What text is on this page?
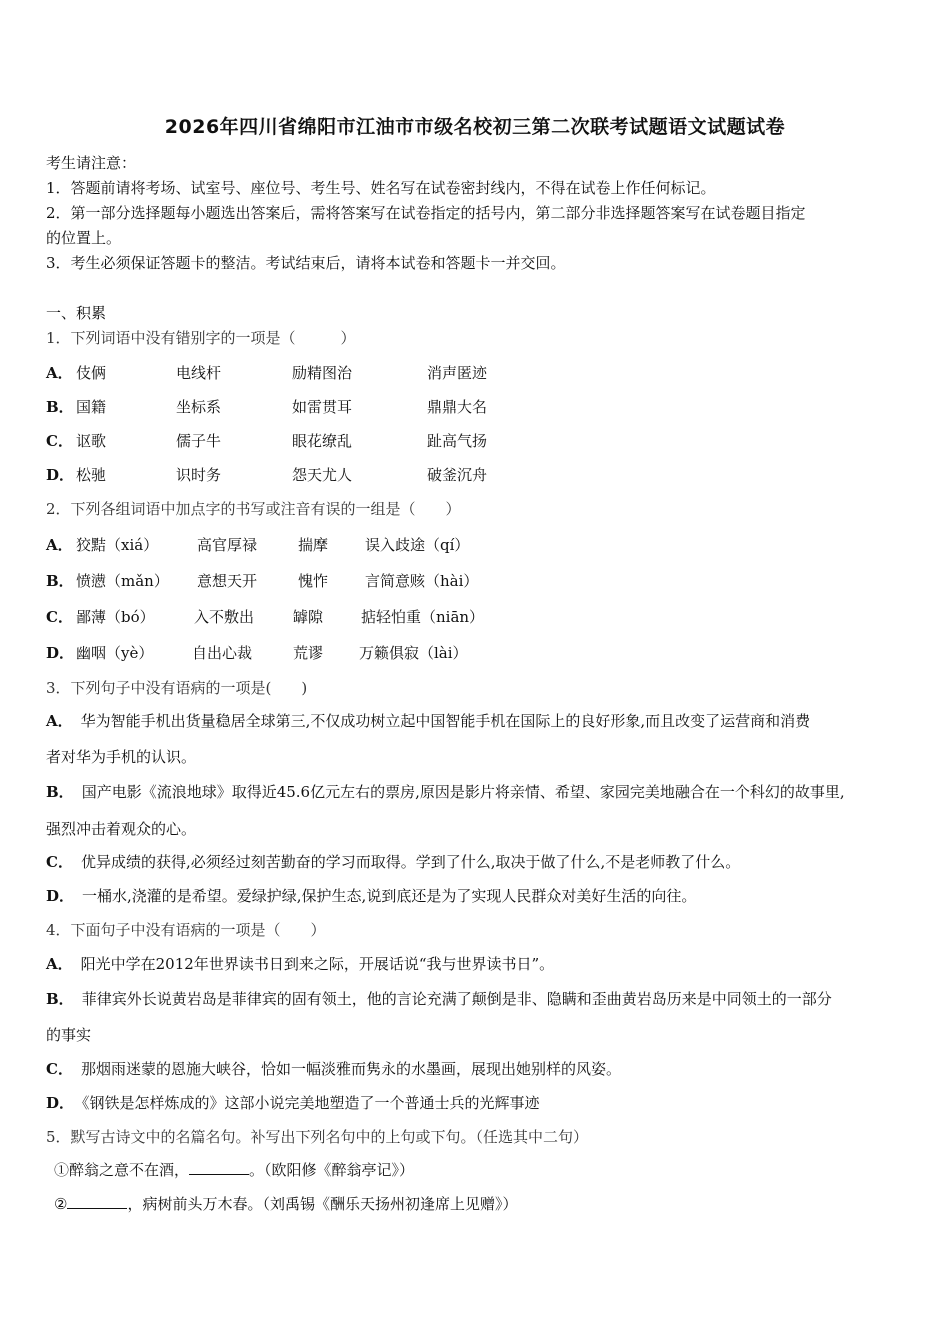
2026年四川省绵阳市江油市市级名校初三第二次联考试题语文试题试卷
考生请注意：
1．答题前请将考场、试室号、座位号、考生号、姓名写在试卷密封线内，不得在试卷上作任何标记。
2．第一部分选择题每小题选出答案后，需将答案写在试卷指定的括号内，第二部分非选择题答案写在试卷题目指定
的位置上。
3．考生必须保证答题卡的整洁。考试结束后，请将本试卷和答题卡一并交回。
一、积累
1．下列词语中没有错别字的一项是（　　　）
A． 伎俩	电线杆	励精图治	消声匿迹
B． 国籍	坐标系	如雷贯耳	鼎鼎大名
C． 讴歌	儒子牛	眼花缭乱	趾高气扬
D． 松驰	识时务	怨天尤人	破釜沉舟
2．下列各组词语中加点字的书写或注音有误的一组是（　　）
A． 狡黠（xiá）	高官厚禄	揣摩 误入歧途（qí）
B． 愤懑（mǎn） 意想天开	愧怍 言简意赅（hài）
C． 鄙薄（bó）	入不敷出	罅隙	掂轻怕重（niān）
D． 幽咽（yè）	自出心裁	荒谬 万籁俱寂（lài）
3．下列句子中没有语病的一项是(　　)
A． 华为智能手机出货量稳居全球第三,不仅成功树立起中国智能手机在国际上的良好形象,而且改变了运营商和消费
者对华为手机的认识。
B． 国产电影《流浪地球》取得近45.6亿元左右的票房,原因是影片将亲情、希望、家园完美地融合在一个科幻的故事里,
强烈冲击着观众的心。
C． 优异成绩的获得,必须经过刻苦勤奋的学习而取得。学到了什么,取决于做了什么,不是老师教了什么。
D． 一桶水,浇灌的是希望。爱绿护绿,保护生态,说到底还是为了实现人民群众对美好生活的向往。
4．下面句子中没有语病的一项是（　　）
A． 阳光中学在2012年世界读书日到来之际，开展话说“我与世界读书日”。
B． 菲律宾外长说黄岩岛是菲律宾的固有领土，他的言论充满了颠倒是非、隐瞒和歪曲黄岩岛历来是中同领土的一部分
的事实
C． 那烟雨迷蒙的恩施大峡谷，恰如一幅淡雅而隽永的水墨画，展现出她别样的风姿。
D． 《钢铁是怎样炼成的》这部小说完美地塑造了一个普通士兵的光辉事迹
5．默写古诗文中的名篇名句。补写出下列名句中的上句或下句。（任选其中二句）
①醉翁之意不在酒，	。（欧阳修《醉翁亭记》）
②	，病树前头万木春。（刘禹锡《酬乐天扬州初逢席上见赠》）
